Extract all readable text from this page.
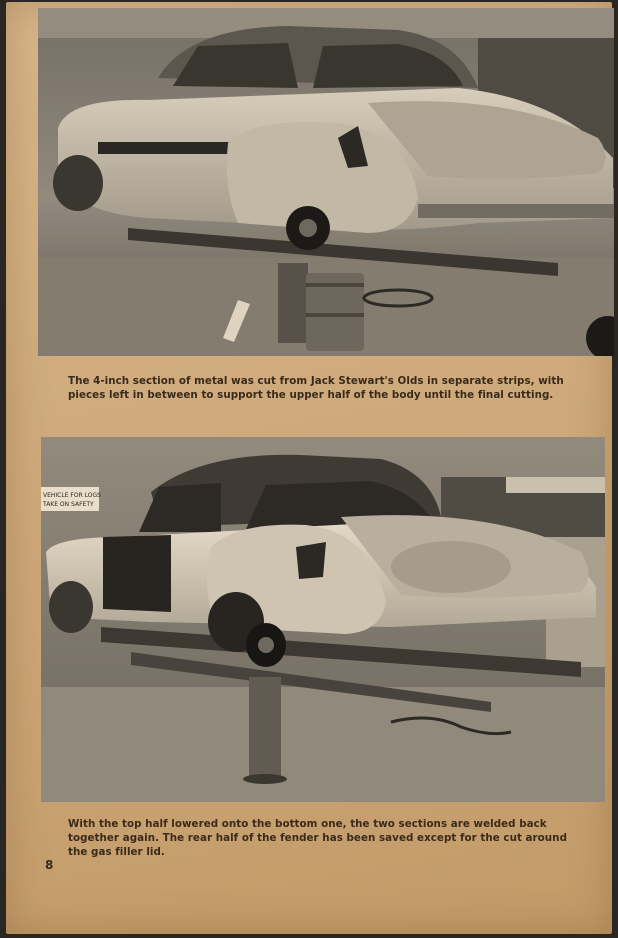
The 4-inch section of metal was cut from Jack Stewart's Olds in separate strips, with pieces left in between to support the upper half of the body until the final cutting.

VEHICLE FOR LOGS
TAKE ON SAFETY

With the top half lowered onto the bottom one, the two sections are welded back together again. The rear half of the fender has been saved except for the cut around the gas filler lid.

8
